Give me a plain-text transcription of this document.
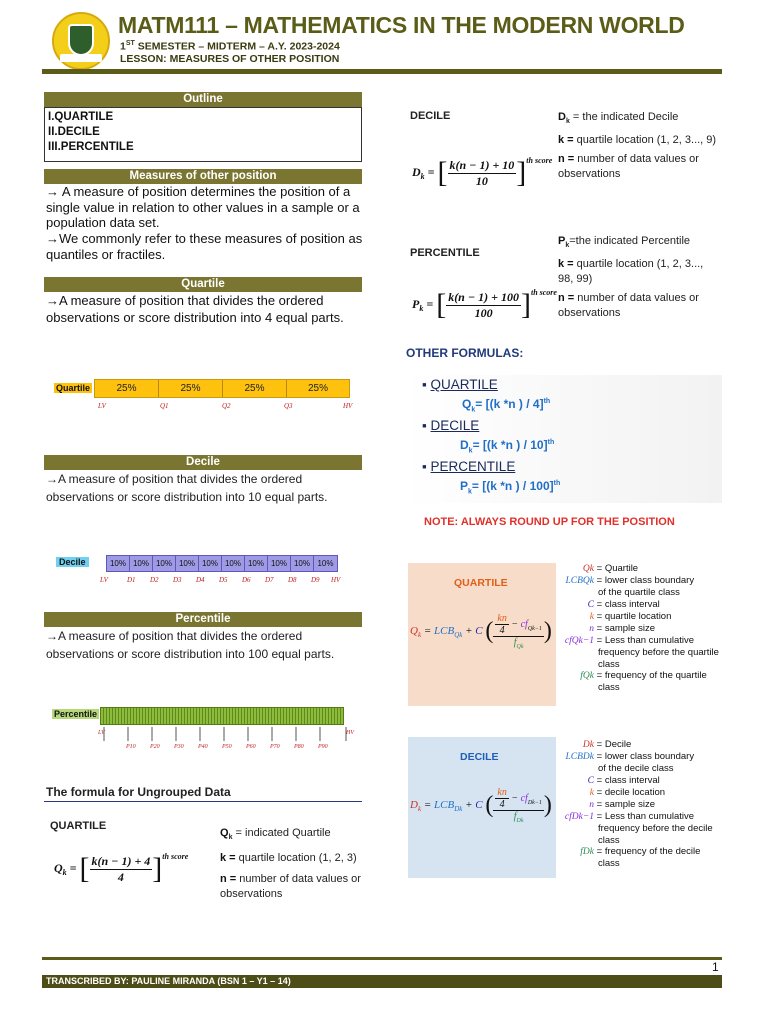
MATM111 – MATHEMATICS IN THE MODERN WORLD
1ST SEMESTER – MIDTERM – A.Y. 2023-2024
LESSON: MEASURES OF OTHER POSITION
Outline
I.QUARTILE
II.DECILE
III.PERCENTILE
Measures of other position
→ A measure of position determines the position of a single value in relation to other values in a sample or a population data set.
→We commonly refer to these measures of position as quantiles or fractiles.
Quartile
→A measure of position that divides the ordered observations or score distribution into 4 equal parts.
Quartile	25%	25%	25%	25%
LV	Q1	Q2	Q3	HV
Decile
→A measure of position that divides the ordered observations or score distribution into 10 equal parts.
Decile	10% 10% 10% 10% 10% 10% 10% 10% 10% 10%
LV	D1 D2 D3 D4 D5 D6 D7 D8 D9 HV
Percentile
→A measure of position that divides the ordered observations or score distribution into 100 equal parts.
Percentile
LV	HV
P10 P20 P30 P40 P50 P60 P70 P80 P90
The formula for Ungrouped Data
QUARTILE
$Q_k$ = [ $\frac{k(n - 1) + 4}{4} ]^{th score}$
$Q_k$ = indicated Quartile
k = quartile location (1, 2, 3)
n = number of data values or observations
DECILE
$D_k$ = [ $\frac{k(n - 1) + 10}{10} ]^{th score}$
$D_k$ = the indicated Decile
k = quartile location (1, 2, 3..., 9)
n = number of data values or observations
PERCENTILE
$P_k$ = [ $\frac{k(n - 1) + 100}{100} ]^{th score}$
$P_k=the$ indicated Percentile
k = quartile location (1, 2, 3..., 98, 99)
n = number of data values or observations
OTHER FORMULAS:
▪ QUARTILE
$Q_k= [(k$ *n ) / 4]$^{th}$
▪ DECILE
$D_k= [(k$ *n ) / 10]$^{th}$
▪ PERCENTILE
$P_k= [(k$ *n ) / 100]$^{th}$
NOTE: ALWAYS ROUND UP FOR THE POSITION
QUARTILE
$Q_k = LCB_{Qk} + C$ ( $\frac{\frac{kn}{4} - cf_{Qk-1}}{f_{Qk}}$ )
Qk = Quartile
LCBQk = lower class boundary
of the quartile class
C = class interval
k = quartile location
n = sample size
cfQk−1 = Less than cumulative
frequency before the quartile class
fQk = frequency of the quartile
class
DECILE
$D_k = LCB_{Dk} + C$ ( $\frac{\frac{kn}{4} - cf_{Dk-1}}{f_{Dk}}$ )
Dk = Decile
LCBDk = lower class boundary
of the decile class
C = class interval
k = decile location
n = sample size
cfDk−1 = Less than cumulative
frequency before the decile class
fDk = frequency of the decile
class
1
TRANSCRIBED BY: PAULINE MIRANDA (BSN 1 – Y1 – 14)
